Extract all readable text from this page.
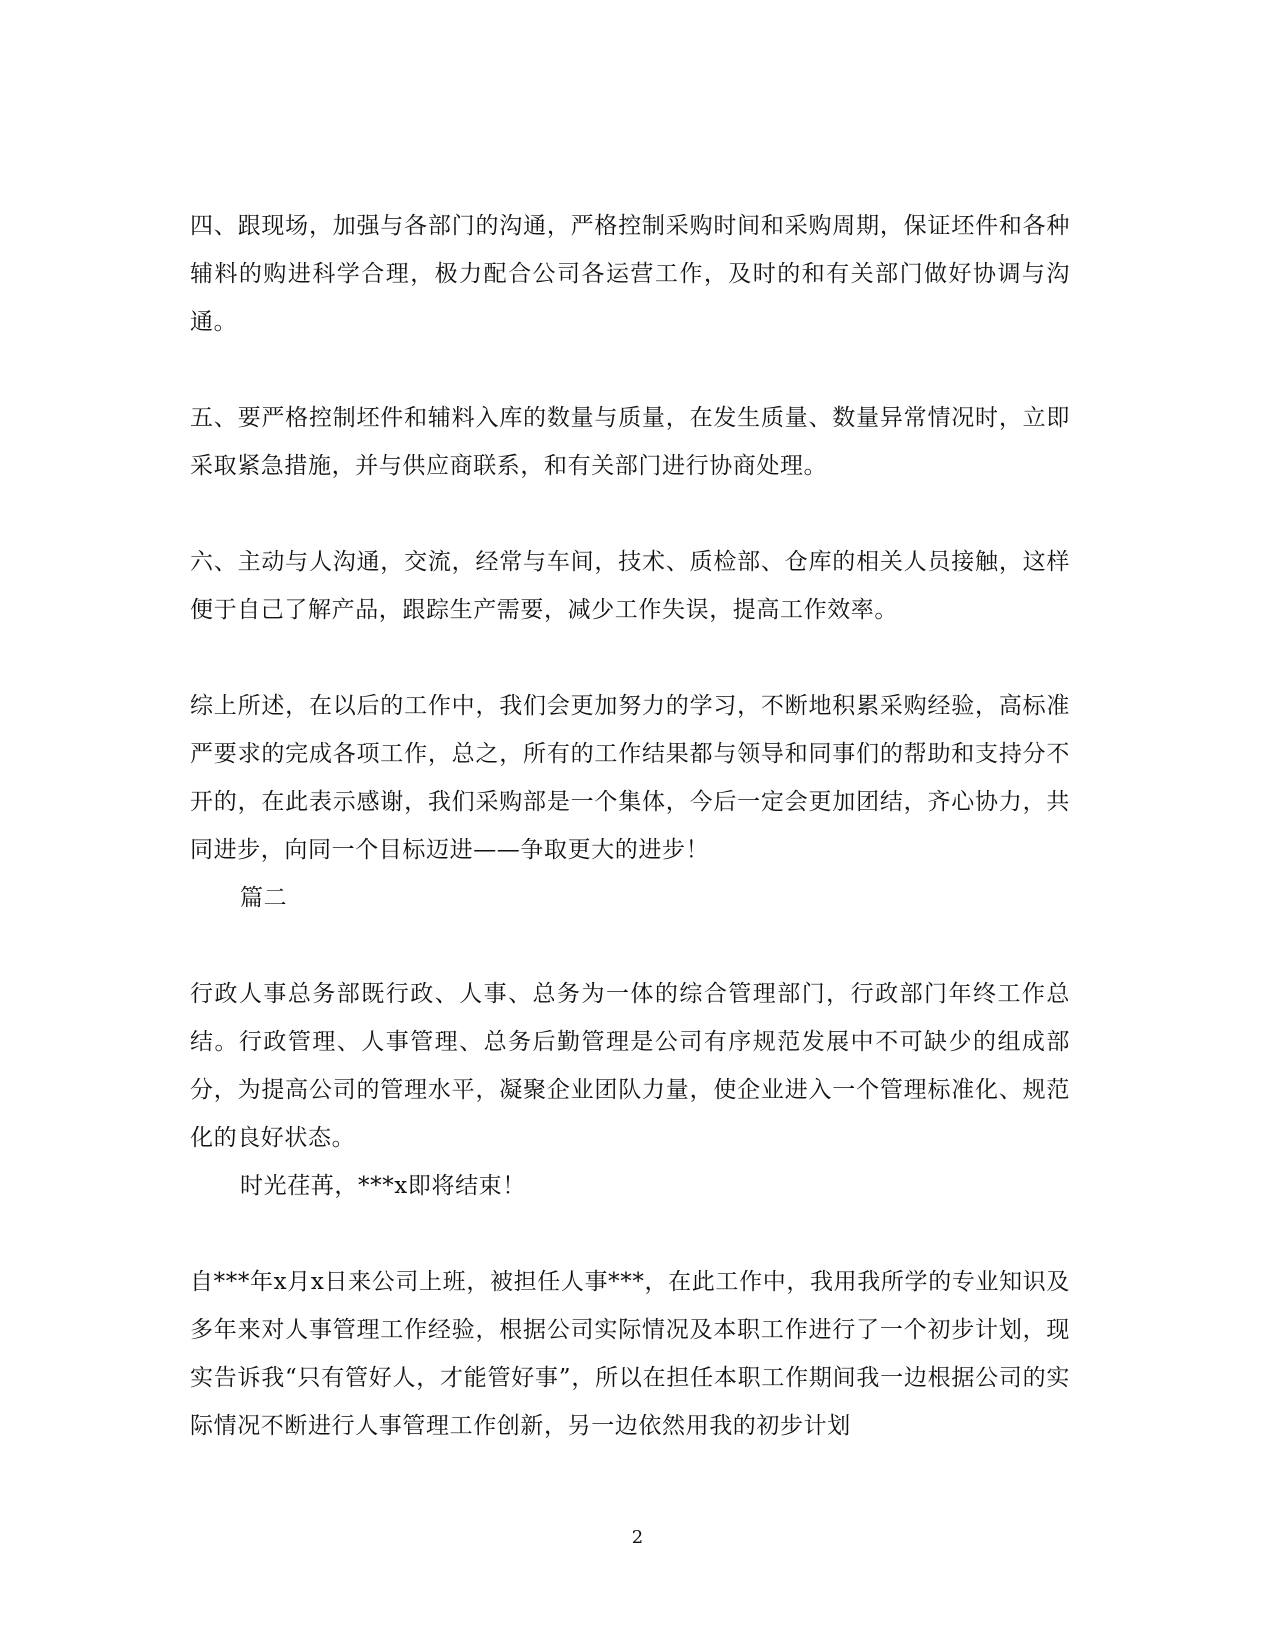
四、跟现场，加强与各部门的沟通，严格控制采购时间和采购周期，保证坯件和各种辅料的购进科学合理，极力配合公司各运营工作，及时的和有关部门做好协调与沟通。

五、要严格控制坯件和辅料入库的数量与质量，在发生质量、数量异常情况时，立即采取紧急措施，并与供应商联系，和有关部门进行协商处理。

六、主动与人沟通，交流，经常与车间，技术、质检部、仓库的相关人员接触，这样便于自己了解产品，跟踪生产需要，减少工作失误，提高工作效率。

综上所述，在以后的工作中，我们会更加努力的学习，不断地积累采购经验，高标准严要求的完成各项工作，总之，所有的工作结果都与领导和同事们的帮助和支持分不开的，在此表示感谢，我们采购部是一个集体，今后一定会更加团结，齐心协力，共同进步，向同一个目标迈进——争取更大的进步！

篇二

行政人事总务部既行政、人事、总务为一体的综合管理部门，行政部门年终工作总结。行政管理、人事管理、总务后勤管理是公司有序规范发展中不可缺少的组成部分，为提高公司的管理水平，凝聚企业团队力量，使企业进入一个管理标准化、规范化的良好状态。

时光荏苒，***x即将结束！

自***年x月x日来公司上班，被担任人事***，在此工作中，我用我所学的专业知识及多年来对人事管理工作经验，根据公司实际情况及本职工作进行了一个初步计划，现实告诉我“只有管好人，才能管好事”，所以在担任本职工作期间我一边根据公司的实际情况不断进行人事管理工作创新，另一边依然用我的初步计划

2
